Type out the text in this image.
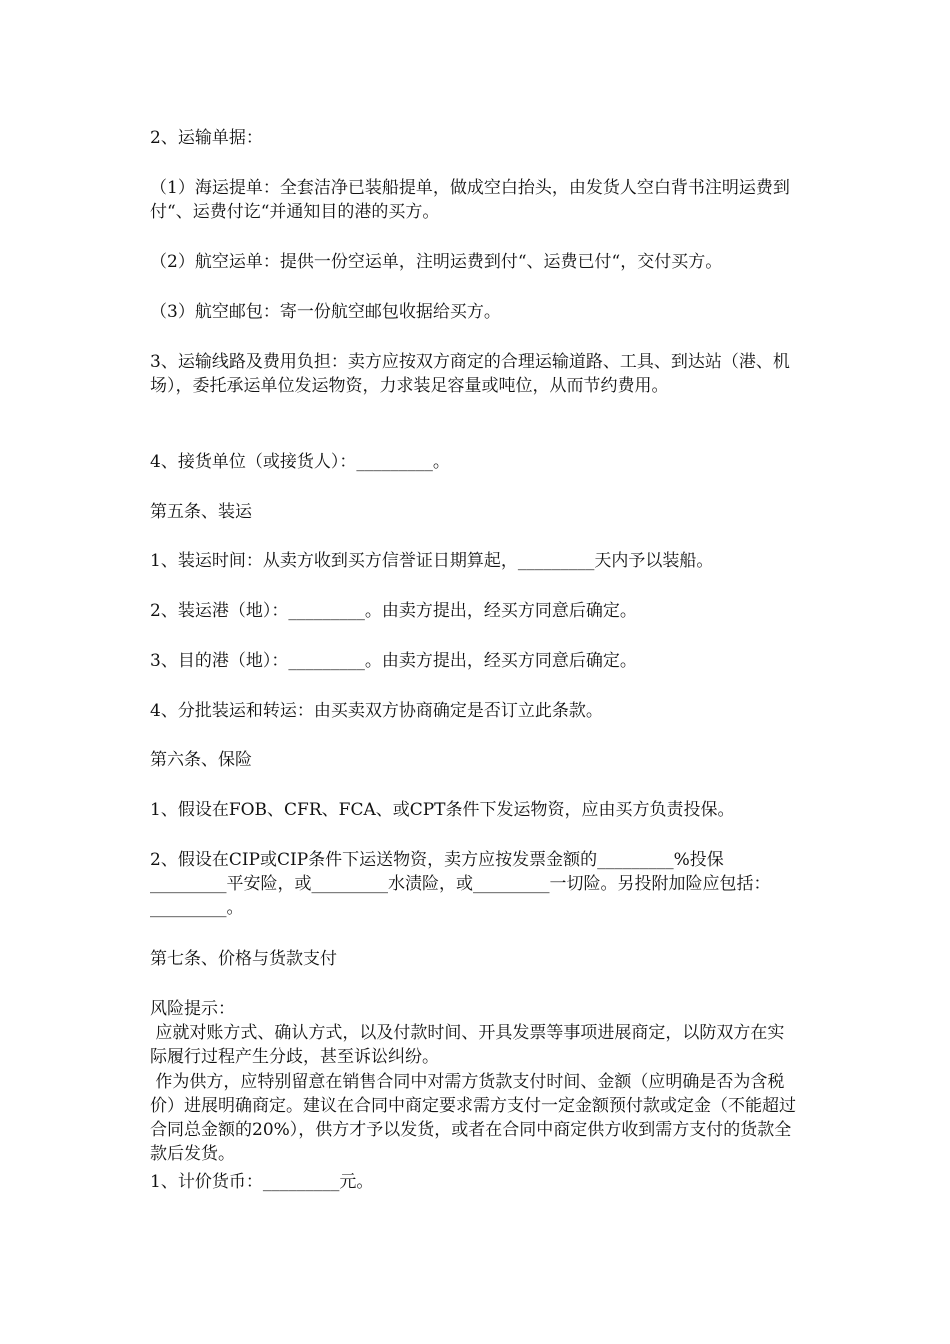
2、运输单据：

（1）海运提单：全套洁净已装船提单，做成空白抬头，由发货人空白背书注明运费到付“、运费付讫“并通知目的港的买方。

（2）航空运单：提供一份空运单，注明运费到付“、运费已付“，交付买方。

（3）航空邮包：寄一份航空邮包收据给买方。

3、运输线路及费用负担：卖方应按双方商定的合理运输道路、工具、到达站（港、机场），委托承运单位发运物资，力求装足容量或吨位，从而节约费用。

4、接货单位（或接货人）：_________。

第五条、装运

1、装运时间：从卖方收到买方信誉证日期算起，_________天内予以装船。

2、装运港（地）：_________。由卖方提出，经买方同意后确定。

3、目的港（地）：_________。由卖方提出，经买方同意后确定。

4、分批装运和转运：由买卖双方协商确定是否订立此条款。

第六条、保险

1、假设在FOB、CFR、FCA、或CPT条件下发运物资，应由买方负责投保。

2、假设在CIP或CIP条件下运送物资，卖方应按发票金额的_________%投保_________平安险，或_________水渍险，或_________一切险。另投附加险应包括：_________。

第七条、价格与货款支付

风险提示：

应就对账方式、确认方式，以及付款时间、开具发票等事项进展商定，以防双方在实际履行过程产生分歧，甚至诉讼纠纷。

作为供方，应特别留意在销售合同中对需方货款支付时间、金额（应明确是否为含税价）进展明确商定。建议在合同中商定要求需方支付一定金额预付款或定金（不能超过合同总金额的20%），供方才予以发货，或者在合同中商定供方收到需方支付的货款全款后发货。

1、计价货币：_________元。
